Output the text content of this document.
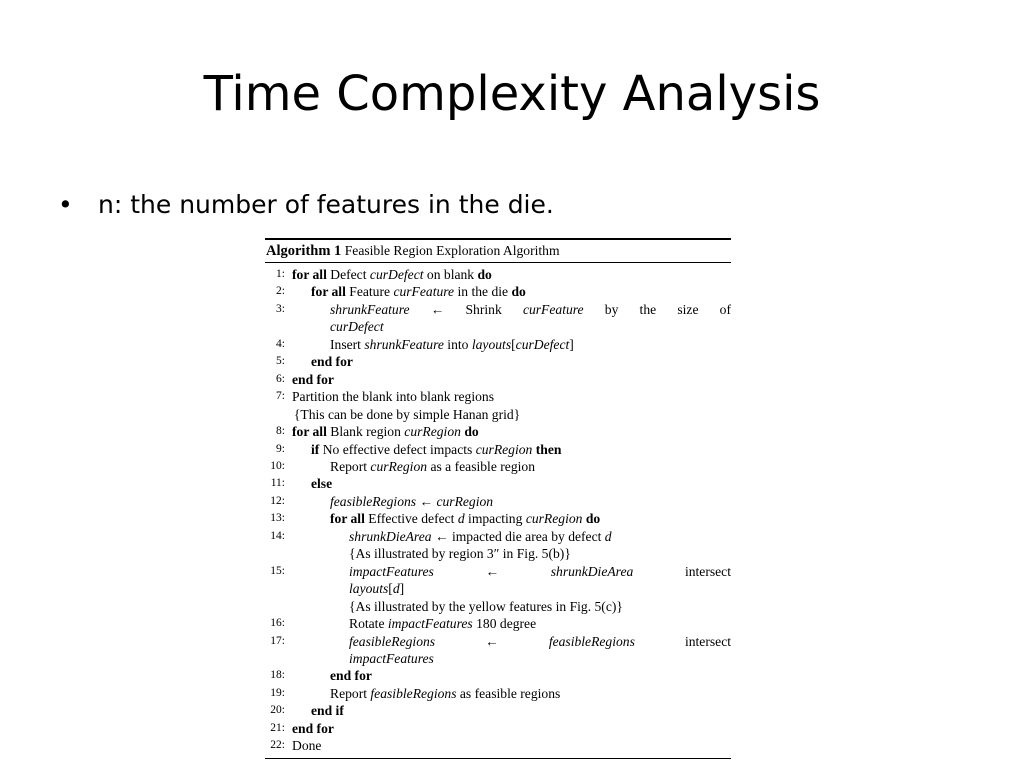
Time Complexity Analysis
• n: the number of features in the die.
Algorithm 1 Feasible Region Exploration Algorithm
1: for all Defect curDefect on blank do
2: for all Feature curFeature in the die do
3:	shrunkFeature ← Shrink curFeature by the size of
curDefect
4:	Insert shrunkFeature into layouts[curDefect]
5: end for
6: end for
7: Partition the blank into blank regions
{This can be done by simple Hanan grid}
8: for all Blank region curRegion do
9: if No effective defect impacts curRegion then
10:	Report curRegion as a feasible region
11: else
12:	feasibleRegions ← curRegion
13:	for all Effective defect d impacting curRegion do
14:	shrunkDieArea ← impacted die area by defect d
{As illustrated by region 3″ in Fig. 5(b)}
15:	impactFeatures ← shrunkDieArea intersect
layouts[d]
{As illustrated by the yellow features in Fig. 5(c)}
16:	Rotate impactFeatures 180 degree
17:	feasibleRegions ← feasibleRegions intersect
impactFeatures
18:	end for
19:	Report feasibleRegions as feasible regions
20: end if
21: end for
22: Done
